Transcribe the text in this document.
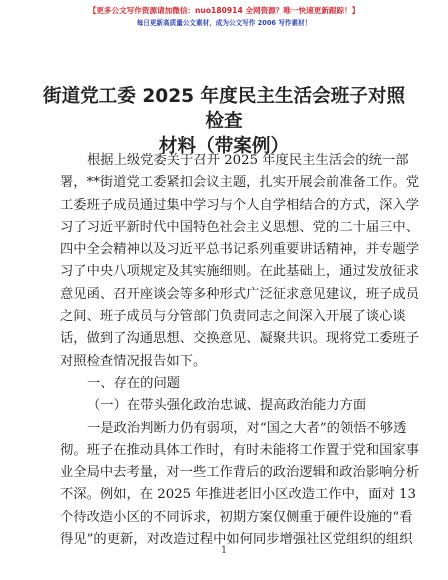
【更多公文写作资源请加微信：nuo180914 全网资源？唯一快速更新跟踪！】
每日更新高质量公文素材，成为公文写作 2006 写作素材！
街道党工委 2025 年度民主生活会班子对照检查
材料（带案例）
根据上级党委关于召开 2025 年度民主生活会的统一部
署，**街道党工委紧扣会议主题，扎实开展会前准备工作。党
工委班子成员通过集中学习与个人自学相结合的方式，深入学
习了习近平新时代中国特色社会主义思想、党的二十届三中、
四中全会精神以及习近平总书记系列重要讲话精神，并专题学
习了中央八项规定及其实施细则。在此基础上，通过发放征求
意见函、召开座谈会等多种形式广泛征求意见建议，班子成员
之间、班子成员与分管部门负责同志之间深入开展了谈心谈
话，做到了沟通思想、交换意见、凝聚共识。现将党工委班子
对照检查情况报告如下。
一、存在的问题
（一）在带头强化政治忠诚、提高政治能力方面
一是政治判断力仍有弱项，对“国之大者”的领悟不够透
彻。班子在推动具体工作时，有时未能将工作置于党和国家事
业全局中去考量，对一些工作背后的政治逻辑和政治影响分析
不深。例如，在 2025 年推进老旧小区改造工作中，面对 13
个待改造小区的不同诉求，初期方案仅侧重于硬件设施的“看
得见”的更新，对改造过程中如何同步增强社区党组织的组织
1
